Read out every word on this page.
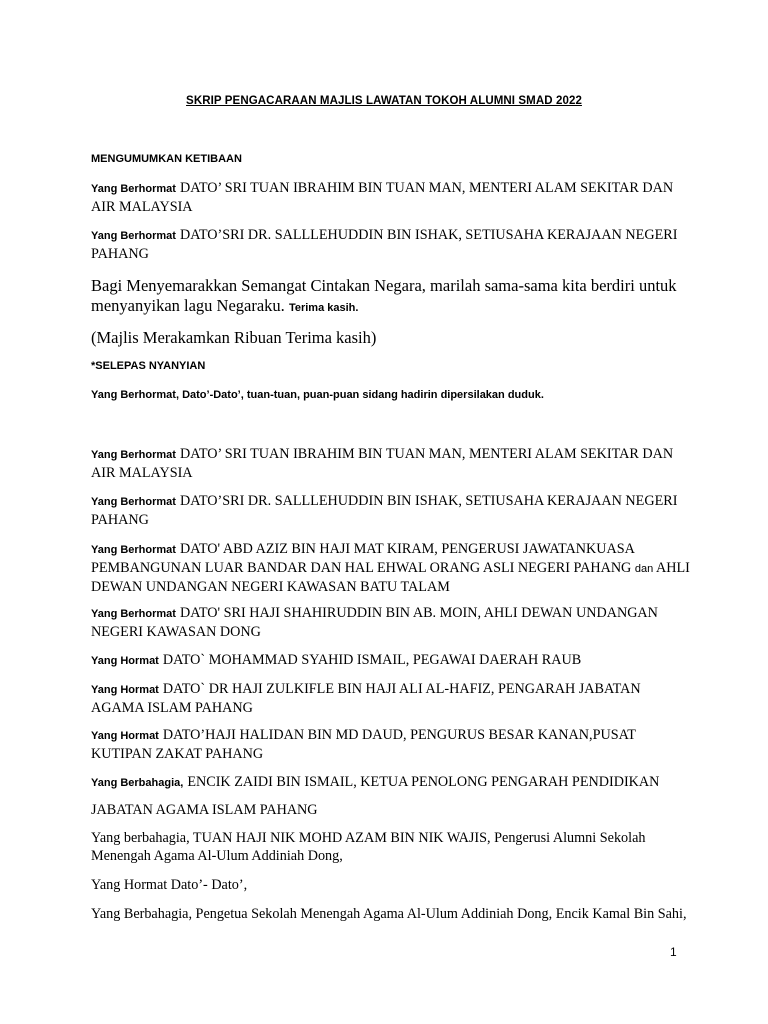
SKRIP PENGACARAAN MAJLIS LAWATAN TOKOH ALUMNI SMAD 2022
MENGUMUMKAN KETIBAAN
Yang Berhormat DATO’ SRI TUAN IBRAHIM BIN TUAN MAN, MENTERI ALAM SEKITAR DAN AIR MALAYSIA
Yang Berhormat DATO’SRI DR. SALLLEHUDDIN BIN ISHAK, SETIUSAHA KERAJAAN NEGERI PAHANG
Bagi Menyemarakkan Semangat Cintakan Negara, marilah sama-sama kita berdiri untuk menyanyikan lagu Negaraku. Terima kasih.
(Majlis Merakamkan Ribuan Terima kasih)
*SELEPAS NYANYIAN
Yang Berhormat, Dato’-Dato’, tuan-tuan, puan-puan sidang hadirin dipersilakan duduk.
Yang Berhormat DATO’ SRI TUAN IBRAHIM BIN TUAN MAN, MENTERI ALAM SEKITAR DAN AIR MALAYSIA
Yang Berhormat DATO’SRI DR. SALLLEHUDDIN BIN ISHAK, SETIUSAHA KERAJAAN NEGERI PAHANG
Yang Berhormat DATO' ABD AZIZ BIN HAJI MAT KIRAM, PENGERUSI JAWATANKUASA PEMBANGUNAN LUAR BANDAR DAN HAL EHWAL ORANG ASLI NEGERI PAHANG dan AHLI DEWAN UNDANGAN NEGERI KAWASAN BATU TALAM
Yang Berhormat DATO' SRI HAJI SHAHIRUDDIN BIN AB. MOIN, AHLI DEWAN UNDANGAN NEGERI KAWASAN DONG
Yang Hormat DATO` MOHAMMAD SYAHID ISMAIL, PEGAWAI DAERAH RAUB
Yang Hormat DATO` DR HAJI ZULKIFLE BIN HAJI ALI AL-HAFIZ, PENGARAH JABATAN AGAMA ISLAM PAHANG
Yang Hormat DATO’HAJI HALIDAN BIN MD DAUD, PENGURUS BESAR KANAN,PUSAT KUTIPAN ZAKAT PAHANG
Yang Berbahagia, ENCIK ZAIDI BIN ISMAIL, KETUA PENOLONG PENGARAH PENDIDIKAN
JABATAN AGAMA ISLAM PAHANG
Yang berbahagia, TUAN HAJI NIK MOHD AZAM BIN NIK WAJIS, Pengerusi Alumni Sekolah Menengah Agama Al-Ulum Addiniah Dong,
Yang Hormat Dato’- Dato’,
Yang Berbahagia, Pengetua Sekolah Menengah Agama Al-Ulum Addiniah Dong, Encik Kamal Bin Sahi,
1
